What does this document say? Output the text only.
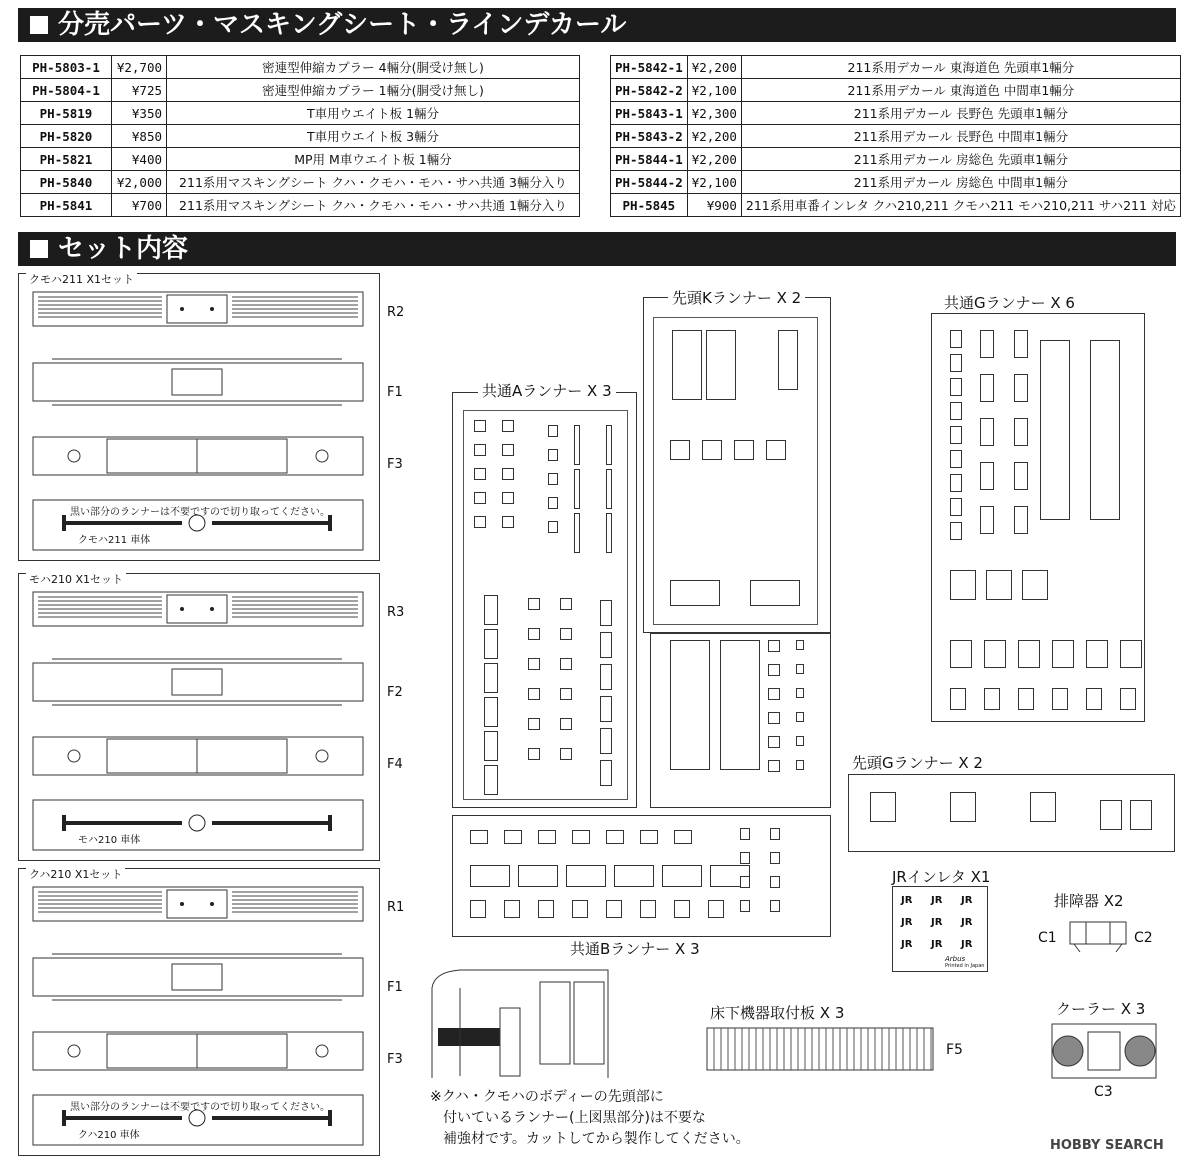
分売パーツ・マスキングシート・ラインデカール
PH-5803-1	¥2,700	密連型伸縮カプラー 4輛分(胴受け無し)
PH-5804-1	¥725	密連型伸縮カプラー 1輛分(胴受け無し)
PH-5819	¥350	T車用ウエイト板 1輛分
PH-5820	¥850	T車用ウエイト板 3輛分
PH-5821	¥400	MP用 M車ウエイト板 1輛分
PH-5840	¥2,000	211系用マスキングシート クハ・クモハ・モハ・サハ共通 3輛分入り
PH-5841	¥700	211系用マスキングシート クハ・クモハ・モハ・サハ共通 1輛分入り
PH-5842-1	¥2,200	211系用デカール 東海道色 先頭車1輛分
PH-5842-2	¥2,100	211系用デカール 東海道色 中間車1輛分
PH-5843-1	¥2,300	211系用デカール 長野色 先頭車1輛分
PH-5843-2	¥2,200	211系用デカール 長野色 中間車1輛分
PH-5844-1	¥2,200	211系用デカール 房総色 先頭車1輛分
PH-5844-2	¥2,100	211系用デカール 房総色 中間車1輛分
PH-5845	¥900	211系用車番インレタ クハ210,211 クモハ211 モハ210,211 サハ211 対応
セット内容
クモハ211 X1セット
R2
F1
F3
黒い部分のランナーは不要ですので切り取ってください。
クモハ211 車体
モハ210 X1セット
R3
F2
F4
モハ210 車体
クハ210 X1セット
R1
F1
F3
黒い部分のランナーは不要ですので切り取ってください。
クハ210 車体
先頭Kランナー X 2
共通Aランナー X 3
共通Gランナー X 6
先頭Gランナー X 2
共通Bランナー X 3
JRインレタ X1
JR JR JR
JR JR JR
JR JR JR
Arbus
Printed in Japan
排障器 X2
C1	C2
クーラー X 3
C3
床下機器取付板 X 3
F5
※クハ・クモハのボディーの先頭部に
付いているランナー(上図黒部分)は不要な
補強材です。カットしてから製作してください。	HOBBY SEARCH
